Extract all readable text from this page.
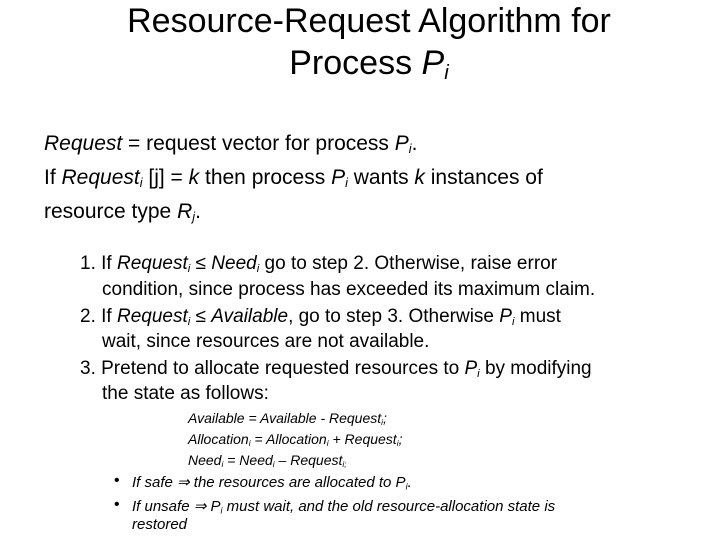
Resource-Request Algorithm for
Process $P_i$
Request = request vector for process $P_i$.
If Request$_i$ [j] = k then process $P_i$ wants k instances of
resource type $R_j$.
1. If Request$_i$ ≤ Need$_i$ go to step 2. Otherwise, raise error
condition, since process has exceeded its maximum claim.
2. If Request$_i$ ≤ Available, go to step 3. Otherwise $P_i$ must
wait, since resources are not available.
3. Pretend to allocate requested resources to $P_i$ by modifying
the state as follows:
Available = Available - Request$_i$;
Allocation$_i$ = Allocation$_i$ + Request$_i$;
Need$_i$ = Need$_i$ – Request$_{i;}$
• If safe ⇒ the resources are allocated to $P_i$.
• If unsafe ⇒ $P_i$ must wait, and the old resource-allocation state is
restored
